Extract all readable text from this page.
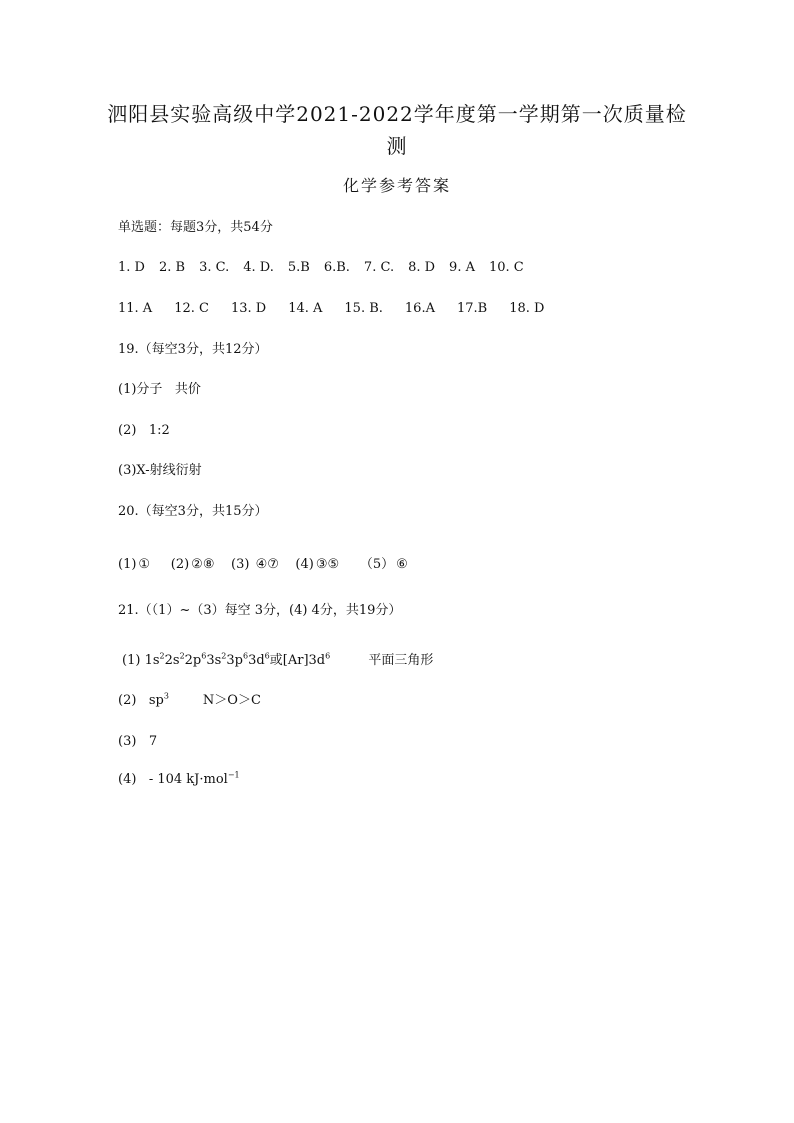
泗阳县实验高级中学2021-2022学年度第一学期第一次质量检测
化学参考答案
单选题：每题3分，共54分
1. D 2. B 3. C. 4. D. 5.B 6.B. 7. C. 8. D 9. A 10. C
11. A 12. C 13. D 14. A 15. B. 16.A 17.B 18. D
19.（每空3分，共12分）
(1)分子 共价
(2) 1:2
(3)X-射线衍射
20.（每空3分，共15分）
(1) ① (2) ②⑧ (3) ④⑦ (4) ③⑤ （5） ⑥
21.（（1）~（3）每空 3分，(4) 4分，共19分）
(1) $1s^22s^22p^63s^23p^63d^6$或$[Ar]3d^6$	平面三角形
(2) $sp^3$	N＞O＞C
(3) 7
(4) - 104 kJ·mol$^{-1}$
